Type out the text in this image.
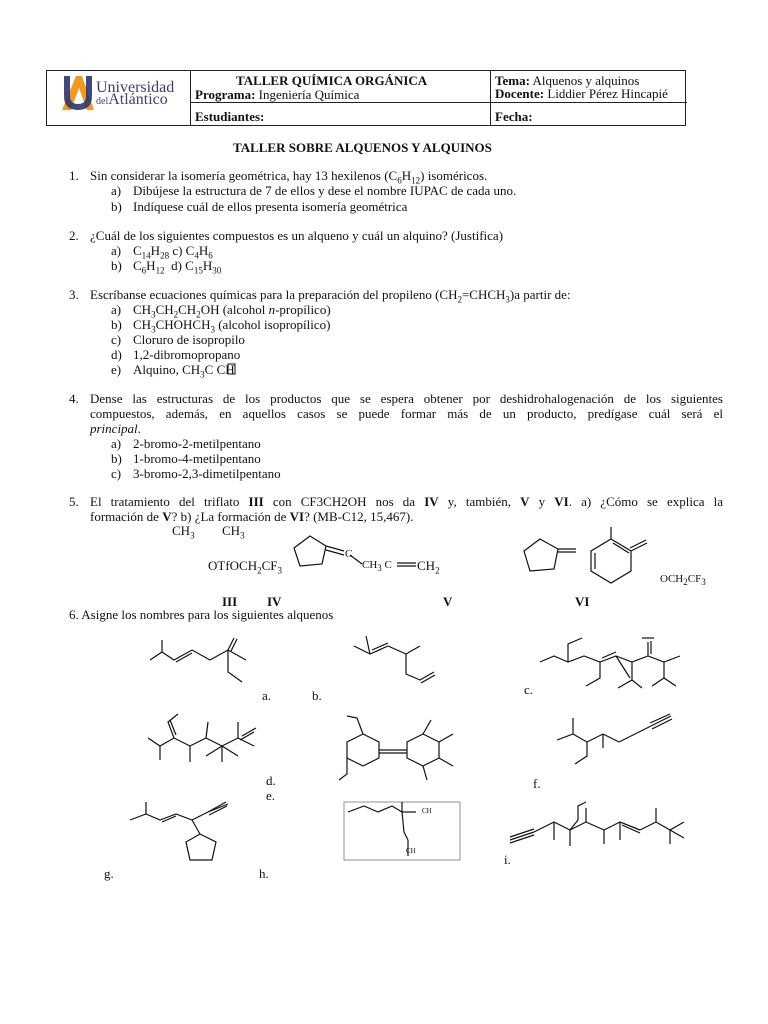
Universidad
delAtlántico
TALLER QUÍMICA ORGÁNICA
Programa: Ingeniería Química
Estudiantes:
Tema: Alquenos y alquinos
Docente: Liddier Pérez Hincapié
Fecha:
TALLER SOBRE ALQUENOS Y ALQUINOS
1. Sin considerar la isomería geométrica, hay 13 hexilenos $(C_6H_{12})$ isoméricos.
a) Dibújese la estructura de 7 de ellos y dese el nombre IUPAC de cada uno.
b) Indíquese cuál de ellos presenta isomería geométrica
2. ¿Cuál de los siguientes compuestos es un alqueno y cuál un alquino? (Justifica)
a) $C_{14}H_{28}$ c) $C_4H_6$
b) $C_6H_{12}$  d) $C_{15}H_{30}$
3. Escríbanse ecuaciones químicas para la preparación del propileno $(CH_2=CHCH_3)a$ partir de:
a) $CH_3CH_2CH_2OH$ (alcohol n-propílico)
b) $CH_3CHOHCH_3$ (alcohol isopropílico)
c) Cloruro de isopropilo
d) 1,2-dibromopropano
e) Alquino, $CH_3C$ CH
4. Dense las estructuras de los productos que se espera obtener por deshidrohalogenación de los siguientes
compuestos, además, en aquellos casos se puede formar más de un producto, predígase cuál será el
principal.
a) 2-bromo-2-metilpentano
b) 1-bromo-4-metilpentano
c) 3-bromo-2,3-dimetilpentano
5. El tratamiento del triflato III con CF3CH2OH nos da IV y, también, V y VI. a) ¿Cómo se explica la
formación de V? b) ¿La formación de VI? (MB-C12, 15,467).
$CH_3$ $CH_3$
$OTfOCH_2CF_3$
C
$CH_3$ C $CH_2$
$OCH_2CF_3$
III IV	V	VI
6. Asigne los nombres para los siguientes alquenos
a.	b.	c.
d.
e.
f.
g.
CH
CH
h.
i.
